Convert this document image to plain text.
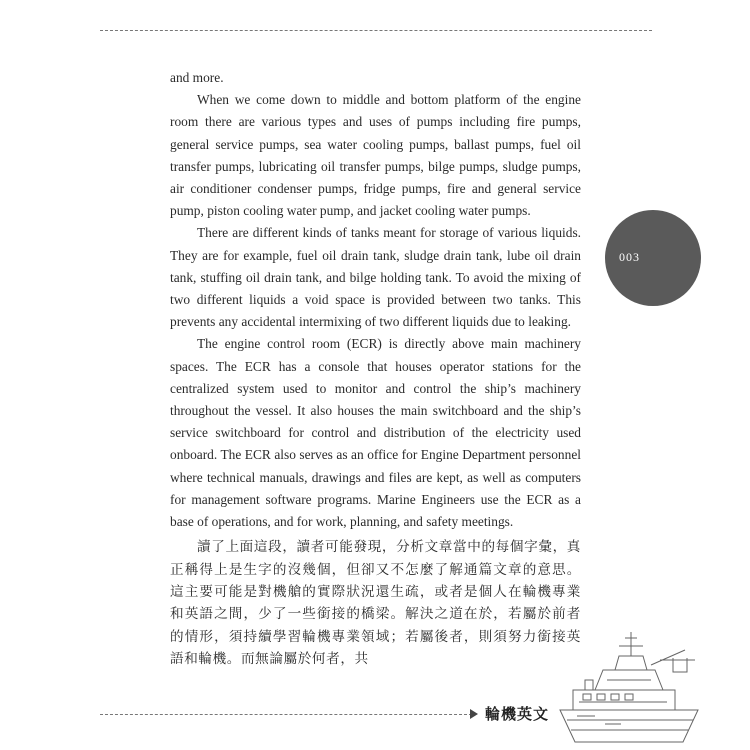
and more.

When we come down to middle and bottom platform of the engine room there are various types and uses of pumps including fire pumps, general service pumps, sea water cooling pumps, ballast pumps, fuel oil transfer pumps, lubricating oil transfer pumps, bilge pumps, sludge pumps, air conditioner condenser pumps, fridge pumps, fire and general service pump, piston cooling water pump, and jacket cooling water pumps.

There are different kinds of tanks meant for storage of various liquids. They are for example, fuel oil drain tank, sludge drain tank, lube oil drain tank, stuffing oil drain tank, and bilge holding tank. To avoid the mixing of two different liquids a void space is provided between two tanks. This prevents any accidental intermixing of two different liquids due to leaking.

The engine control room (ECR) is directly above main machinery spaces. The ECR has a console that houses operator stations for the centralized system used to monitor and control the ship’s machinery throughout the vessel. It also houses the main switchboard and the ship’s service switchboard for control and distribution of the electricity used onboard. The ECR also serves as an office for Engine Department personnel where technical manuals, drawings and files are kept, as well as computers for management software programs. Marine Engineers use the ECR as a base of operations, and for work, planning, and safety meetings.

讀了上面這段，讀者可能發現，分析文章當中的每個字彙，真正稱得上是生字的沒幾個，但卻又不怎麼了解通篇文章的意思。這主要可能是對機艙的實際狀況還生疏，或者是個人在輪機專業和英語之間，少了一些銜接的橋梁。解決之道在於，若屬於前者的情形，須持續學習輪機專業領域；若屬後者，則須努力銜接英語和輪機。而無論屬於何者，共

003
輪機英文
